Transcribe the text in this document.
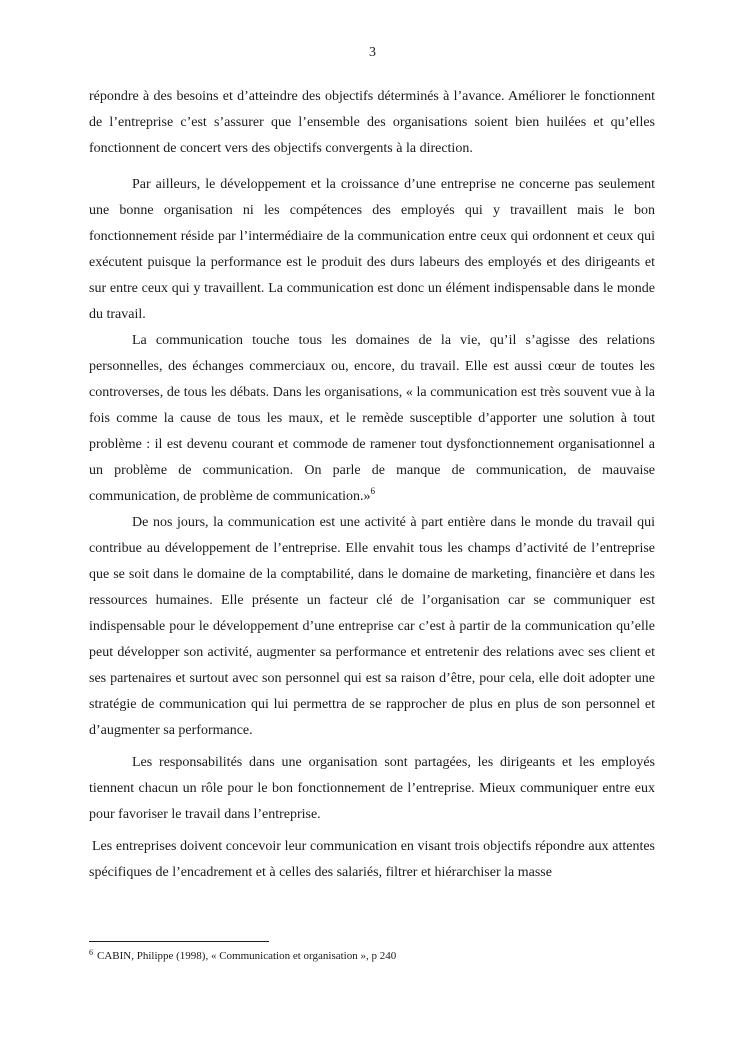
3

répondre à des besoins et d’atteindre des objectifs déterminés à l’avance. Améliorer le fonctionnent de l’entreprise c’est s’assurer que l’ensemble des organisations soient bien huilées et qu’elles fonctionnent de concert vers des objectifs convergents à la direction.

Par ailleurs, le développement et la croissance d’une entreprise ne concerne pas seulement une bonne organisation ni les compétences des employés qui y travaillent mais le bon fonctionnement réside par l’intermédiaire de la communication entre ceux qui ordonnent et ceux qui exécutent puisque la performance est le produit des durs labeurs des employés et des dirigeants et sur entre ceux qui y travaillent. La communication est donc un élément indispensable dans le monde du travail.

La communication touche tous les domaines de la vie, qu’il s’agisse des relations personnelles, des échanges commerciaux ou, encore, du travail. Elle est aussi cœur de toutes les controverses, de tous les débats. Dans les organisations, « la communication est très souvent vue à la fois comme la cause de tous les maux, et le remède susceptible d’apporter une solution à tout problème : il est devenu courant et commode de ramener tout dysfonctionnement organisationnel a un problème de communication. On parle de manque de communication, de mauvaise communication, de problème de communication.»$^6$

De nos jours, la communication est une activité à part entière dans le monde du travail qui contribue au développement de l’entreprise. Elle envahit tous les champs d’activité de l’entreprise que se soit dans le domaine de la comptabilité, dans le domaine de marketing, financière et dans les ressources humaines. Elle présente un facteur clé de l’organisation car se communiquer est indispensable pour le développement d’une entreprise car c’est à partir de la communication qu’elle peut développer son activité, augmenter sa performance et entretenir des relations avec ses client et ses partenaires et surtout avec son personnel qui est sa raison d’être, pour cela, elle doit adopter une stratégie de communication qui lui permettra de se rapprocher de plus en plus de son personnel et d’augmenter sa performance.

Les responsabilités dans une organisation sont partagées, les dirigeants et les employés tiennent chacun un rôle pour le bon fonctionnement de l’entreprise. Mieux communiquer entre eux pour favoriser le travail dans l’entreprise.

Les entreprises doivent concevoir leur communication en visant trois objectifs répondre aux attentes spécifiques de l’encadrement et à celles des salariés, filtrer et hiérarchiser la masse

$^6$ CABIN, Philippe (1998), « Communication et organisation », p 240
